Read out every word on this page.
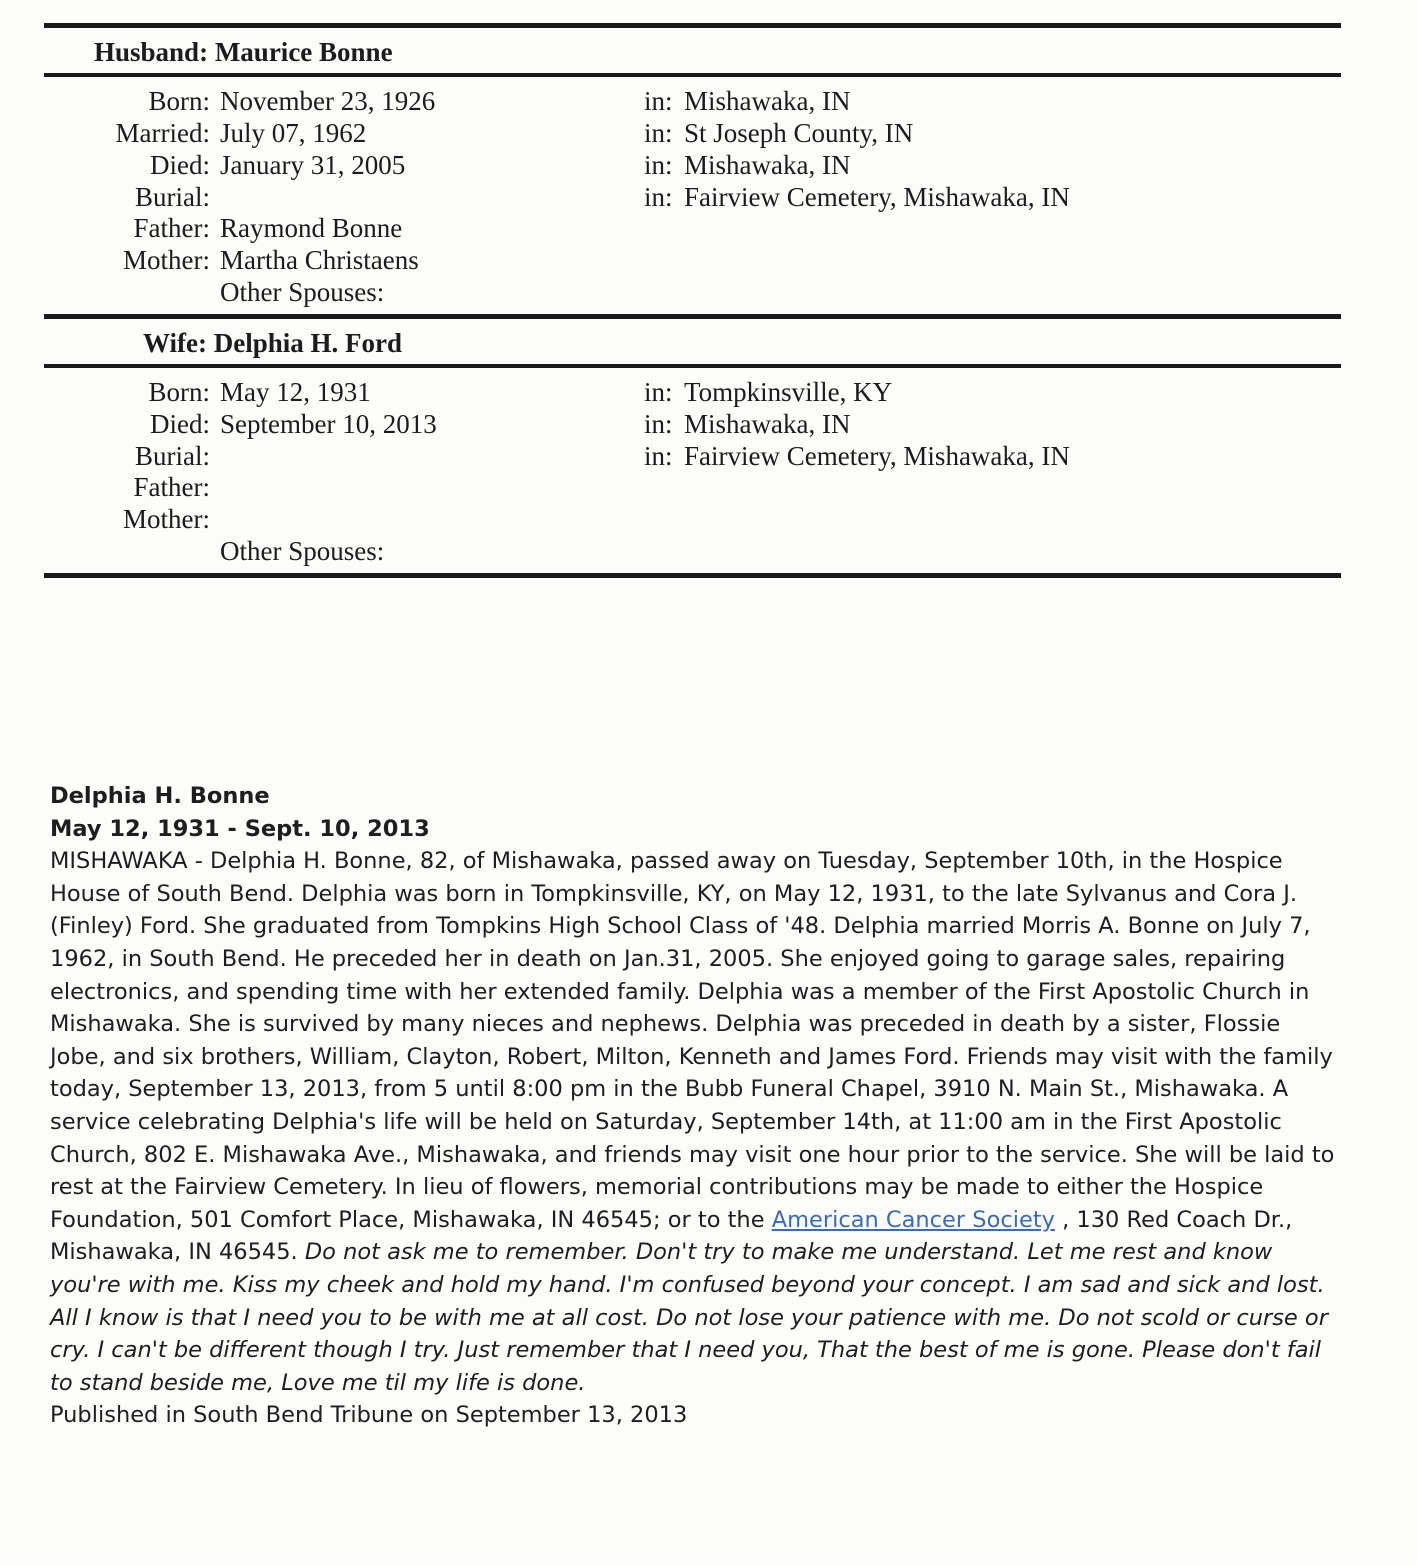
Husband: Maurice Bonne
Born: November 23, 1926	in: Mishawaka, IN
Married: July 07, 1962	in: St Joseph County, IN
Died: January 31, 2005	in: Mishawaka, IN
Burial:	in: Fairview Cemetery, Mishawaka, IN
Father: Raymond Bonne
Mother: Martha Christaens
Other Spouses:
Wife: Delphia H. Ford
Born: May 12, 1931	in: Tompkinsville, KY
Died: September 10, 2013	in: Mishawaka, IN
Burial:	in: Fairview Cemetery, Mishawaka, IN
Father:
Mother:
Other Spouses:
Delphia H. Bonne
May 12, 1931 - Sept. 10, 2013

MISHAWAKA - Delphia H. Bonne, 82, of Mishawaka, passed away on Tuesday, September 10th, in the Hospice House of South Bend. Delphia was born in Tompkinsville, KY, on May 12, 1931, to the late Sylvanus and Cora J. (Finley) Ford. She graduated from Tompkins High School Class of '48. Delphia married Morris A. Bonne on July 7, 1962, in South Bend. He preceded her in death on Jan.31, 2005. She enjoyed going to garage sales, repairing electronics, and spending time with her extended family. Delphia was a member of the First Apostolic Church in Mishawaka. She is survived by many nieces and nephews. Delphia was preceded in death by a sister, Flossie Jobe, and six brothers, William, Clayton, Robert, Milton, Kenneth and James Ford. Friends may visit with the family today, September 13, 2013, from 5 until 8:00 pm in the Bubb Funeral Chapel, 3910 N. Main St., Mishawaka. A service celebrating Delphia's life will be held on Saturday, September 14th, at 11:00 am in the First Apostolic Church, 802 E. Mishawaka Ave., Mishawaka, and friends may visit one hour prior to the service. She will be laid to rest at the Fairview Cemetery. In lieu of flowers, memorial contributions may be made to either the Hospice Foundation, 501 Comfort Place, Mishawaka, IN 46545; or to the American Cancer Society , 130 Red Coach Dr., Mishawaka, IN 46545. Do not ask me to remember. Don't try to make me understand. Let me rest and know you're with me. Kiss my cheek and hold my hand. I'm confused beyond your concept. I am sad and sick and lost. All I know is that I need you to be with me at all cost. Do not lose your patience with me. Do not scold or curse or cry. I can't be different though I try. Just remember that I need you, That the best of me is gone. Please don't fail to stand beside me, Love me til my life is done.

Published in South Bend Tribune on September 13, 2013
